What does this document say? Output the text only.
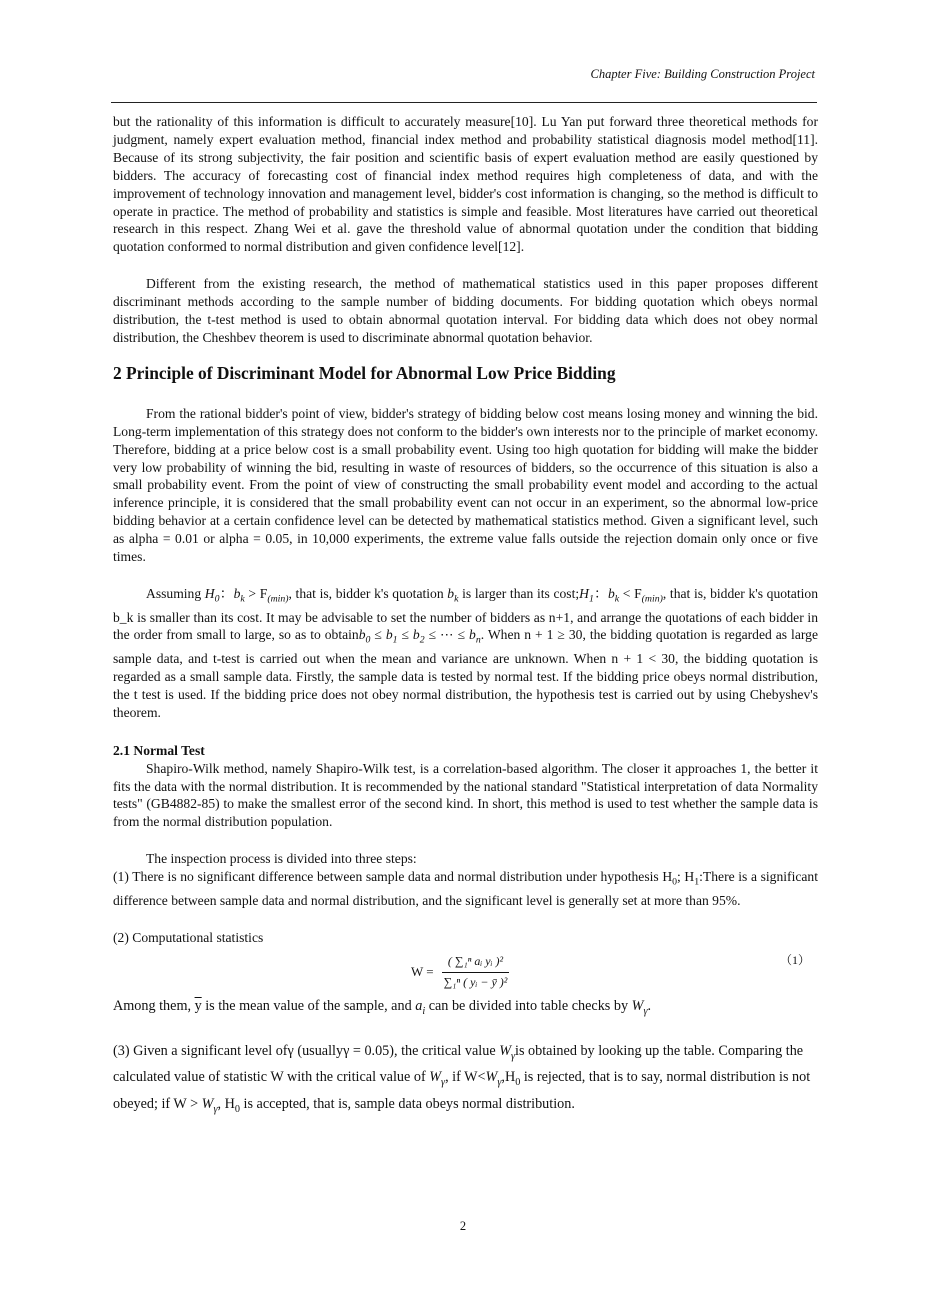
Chapter Five: Building Construction Project

but the rationality of this information is difficult to accurately measure[10]. Lu Yan put forward three theoretical methods for judgment, namely expert evaluation method, financial index method and probability statistical diagnosis model method[11]. Because of its strong subjectivity, the fair position and scientific basis of expert evaluation method are easily questioned by bidders. The accuracy of forecasting cost of financial index method requires high completeness of data, and with the improvement of technology innovation and management level, bidder's cost information is changing, so the method is difficult to operate in practice. The method of probability and statistics is simple and feasible. Most literatures have carried out theoretical research in this respect. Zhang Wei et al. gave the threshold value of abnormal quotation under the condition that bidding quotation conformed to normal distribution and given confidence level[12].

Different from the existing research, the method of mathematical statistics used in this paper proposes different discriminant methods according to the sample number of bidding documents. For bidding quotation which obeys normal distribution, the t-test method is used to obtain abnormal quotation interval. For bidding data which does not obey normal distribution, the Cheshbev theorem is used to discriminate abnormal quotation behavior.

2 Principle of Discriminant Model for Abnormal Low Price Bidding

From the rational bidder's point of view, bidder's strategy of bidding below cost means losing money and winning the bid. Long-term implementation of this strategy does not conform to the bidder's own interests nor to the principle of market economy. Therefore, bidding at a price below cost is a small probability event. Using too high quotation for bidding will make the bidder very low probability of winning the bid, resulting in waste of resources of bidders, so the occurrence of this situation is also a small probability event. From the point of view of constructing the small probability event model and according to the actual inference principle, it is considered that the small probability event can not occur in an experiment, so the abnormal low-price bidding behavior at a certain confidence level can be detected by mathematical statistics method. Given a significant level, such as alpha = 0.01 or alpha = 0.05, in 10,000 experiments, the extreme value falls outside the rejection domain only once or five times.

Assuming $H_0$：$b_k > F_{(min)}$, that is, bidder k's quotation $b_k$ is larger than its $\cos t;H_1$：$b_k < F_{(min)}$, that is, bidder k's quotation b_k is smaller than its cost. It may be advisable to set the number of bidders as n+1, and arrange the quotations of each bidder in the order from small to large, so as to obtainb$_0$ ≤ $b_1 \le b_2$ ≤ ⋯ ≤ $b_n$. When n + 1 ≥ 30, the bidding quotation is regarded as large sample data, and t-test is carried out when the mean and variance are unknown. When n + 1 < 30, the bidding quotation is regarded as a small sample data. Firstly, the sample data is tested by normal test. If the bidding price obeys normal distribution, the t test is used. If the bidding price does not obey normal distribution, the hypothesis test is carried out by using Chebyshev's theorem.

2.1 Normal Test

Shapiro-Wilk method, namely Shapiro-Wilk test, is a correlation-based algorithm. The closer it approaches 1, the better it fits the data with the normal distribution. It is recommended by the national standard "Statistical interpretation of data Normality tests" (GB4882-85) to make the smallest error of the second kind. In short, this method is used to test whether the sample data is from the normal distribution population.

The inspection process is divided into three steps:

(1) There is no significant difference between sample data and normal distribution under hypothesis $H_0$; $H_1:There$ is a significant difference between sample data and normal distribution, and the significant level is generally set at more than 95%.

(2) Computational statistics

$W = \frac{\text{( ∑₁ⁿ aᵢ yᵢ )²}}{\text{∑₁ⁿ ( yᵢ − ȳ )²}}$	（1）

Among them, $\overline{y}$ is the mean value of the sample, and $a_i$ can be divided into table checks by $W_\gamma$.

(3) Given a significant level ofγ (usuallyγ = 0.05), the critical value $W_\gamma is$ obtained by looking up the table. Comparing the calculated value of statistic W with the critical value of $W_\gamma$, if $W<W_\gamma,H_0$ is rejected, that is to say, normal distribution is not obeyed; if $W > W_\gamma$, $H_0$ is accepted, that is, sample data obeys normal distribution.

2
